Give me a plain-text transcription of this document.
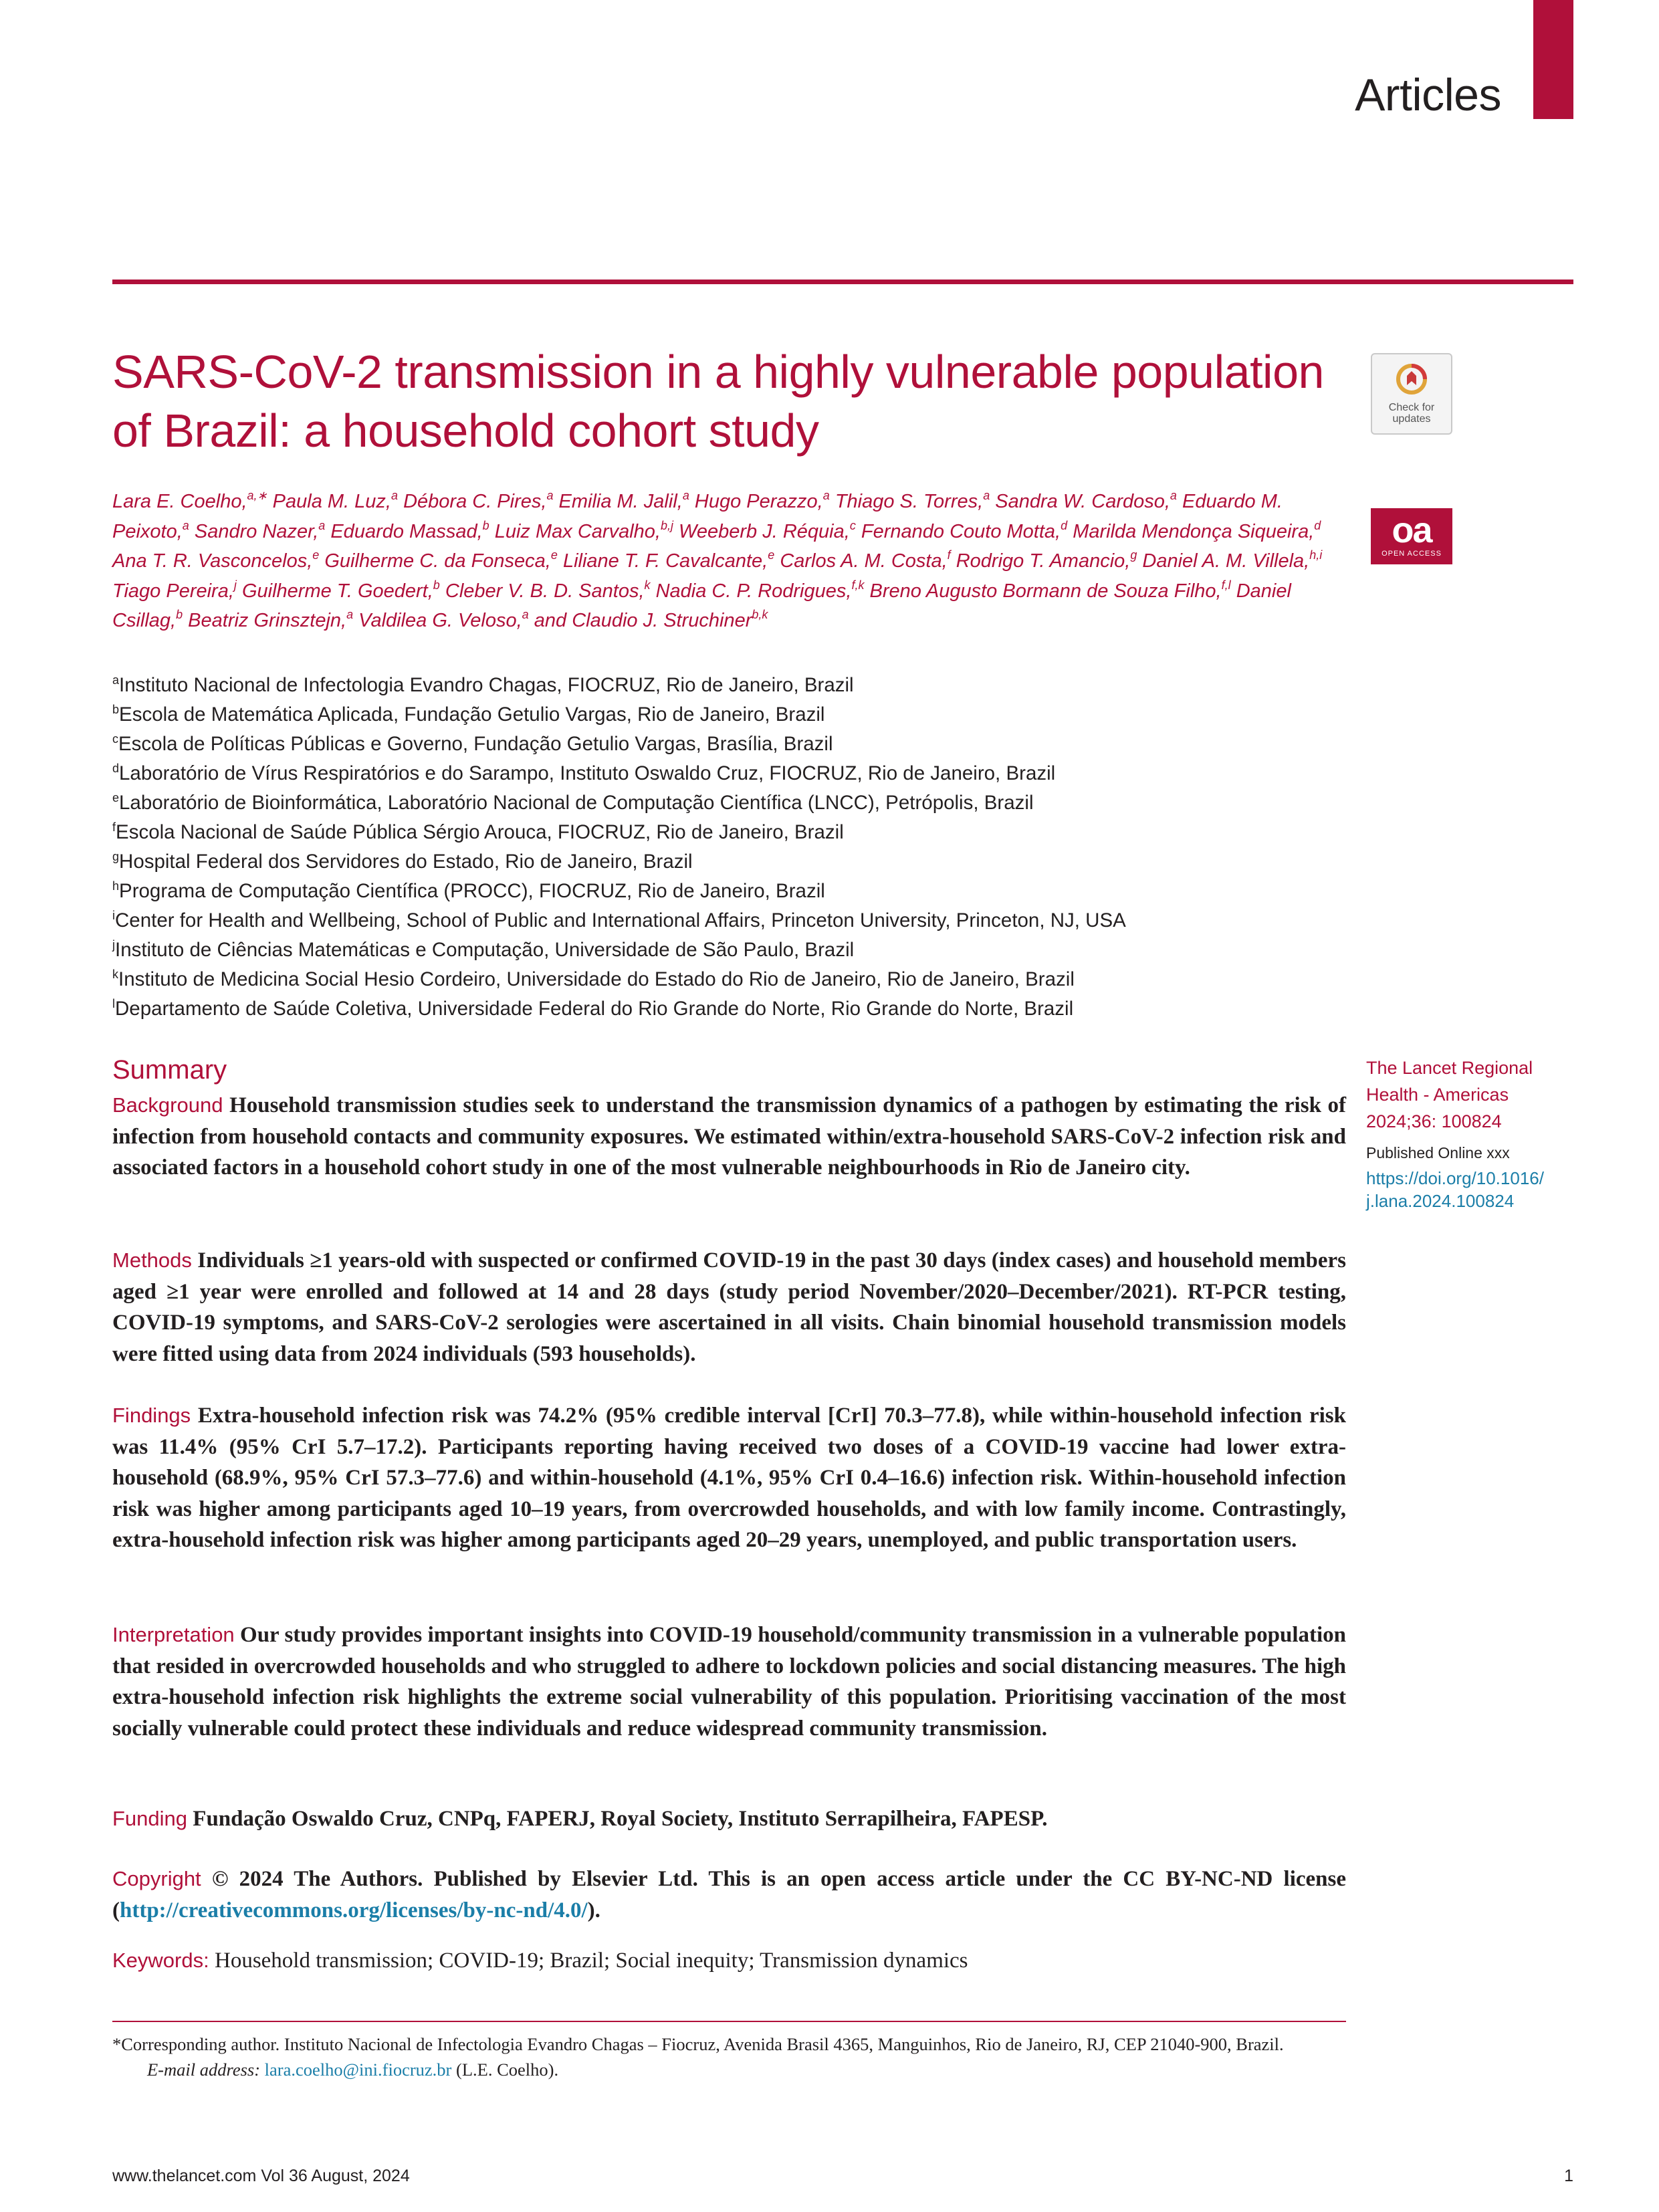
Articles
SARS-CoV-2 transmission in a highly vulnerable population of Brazil: a household cohort study	Check for updates
oa
OPEN ACCESS
Lara E. Coelho,$^{a,∗}$ Paula M. Luz,$^a$ Débora C. Pires,$^a$ Emilia M. Jalil,$^a$ Hugo Perazzo,$^a$ Thiago S. Torres,$^a$ Sandra W. Cardoso,$^a$ Eduardo M. Peixoto,$^a$ Sandro Nazer,$^a$ Eduardo Massad,$^b$ Luiz Max Carvalho,$^{b,j}$ Weeberb J. Réquia,$^c$ Fernando Couto Motta,$^d$ Marilda Mendonça Siqueira,$^d$ Ana T. R. Vasconcelos,$^e$ Guilherme C. da Fonseca,$^e$ Liliane T. F. Cavalcante,$^e$ Carlos A. M. Costa,$^f$ Rodrigo T. Amancio,$^g$ Daniel A. M. Villela,$^{h,i}$ Tiago Pereira,$^j$ Guilherme T. Goedert,$^b$ Cleber V. B. D. Santos,$^k$ Nadia C. P. Rodrigues,$^{f,k}$ Breno Augusto Bormann de Souza Filho,$^{f,l}$ Daniel Csillag,$^b$ Beatriz Grinsztejn,$^a$ Valdilea G. Veloso,$^a$ and Claudio J. Struchiner$^{b,k}$
$^a$Instituto Nacional de Infectologia Evandro Chagas, FIOCRUZ, Rio de Janeiro, Brazil
$^b$Escola de Matemática Aplicada, Fundação Getulio Vargas, Rio de Janeiro, Brazil
$^c$Escola de Políticas Públicas e Governo, Fundação Getulio Vargas, Brasília, Brazil
$^d$Laboratório de Vírus Respiratórios e do Sarampo, Instituto Oswaldo Cruz, FIOCRUZ, Rio de Janeiro, Brazil
$^e$Laboratório de Bioinformática, Laboratório Nacional de Computação Científica (LNCC), Petrópolis, Brazil
$^f$Escola Nacional de Saúde Pública Sérgio Arouca, FIOCRUZ, Rio de Janeiro, Brazil
$^g$Hospital Federal dos Servidores do Estado, Rio de Janeiro, Brazil
$^h$Programa de Computação Científica (PROCC), FIOCRUZ, Rio de Janeiro, Brazil
$^i$Center for Health and Wellbeing, School of Public and International Affairs, Princeton University, Princeton, NJ, USA
$^j$Instituto de Ciências Matemáticas e Computação, Universidade de São Paulo, Brazil
$^k$Instituto de Medicina Social Hesio Cordeiro, Universidade do Estado do Rio de Janeiro, Rio de Janeiro, Brazil
$^l$Departamento de Saúde Coletiva, Universidade Federal do Rio Grande do Norte, Rio Grande do Norte, Brazil
Summary

Background Household transmission studies seek to understand the transmission dynamics of a pathogen by estimating the risk of infection from household contacts and community exposures. We estimated within/extra-household SARS-CoV-2 infection risk and associated factors in a household cohort study in one of the most vulnerable neighbourhoods in Rio de Janeiro city.

Methods Individuals ≥1 years-old with suspected or confirmed COVID-19 in the past 30 days (index cases) and household members aged ≥1 year were enrolled and followed at 14 and 28 days (study period November/2020–December/2021). RT-PCR testing, COVID-19 symptoms, and SARS-CoV-2 serologies were ascertained in all visits. Chain binomial household transmission models were fitted using data from 2024 individuals (593 households).

Findings Extra-household infection risk was 74.2% (95% credible interval [CrI] 70.3–77.8), while within-household infection risk was 11.4% (95% CrI 5.7–17.2). Participants reporting having received two doses of a COVID-19 vaccine had lower extra-household (68.9%, 95% CrI 57.3–77.6) and within-household (4.1%, 95% CrI 0.4–16.6) infection risk. Within-household infection risk was higher among participants aged 10–19 years, from overcrowded households, and with low family income. Contrastingly, extra-household infection risk was higher among participants aged 20–29 years, unemployed, and public transportation users.

Interpretation Our study provides important insights into COVID-19 household/community transmission in a vulnerable population that resided in overcrowded households and who struggled to adhere to lockdown policies and social distancing measures. The high extra-household infection risk highlights the extreme social vulnerability of this population. Prioritising vaccination of the most socially vulnerable could protect these individuals and reduce widespread community transmission.

Funding Fundação Oswaldo Cruz, CNPq, FAPERJ, Royal Society, Instituto Serrapilheira, FAPESP.

Copyright © 2024 The Authors. Published by Elsevier Ltd. This is an open access article under the CC BY-NC-ND license (http://creativecommons.org/licenses/by-nc-nd/4.0/).

Keywords: Household transmission; COVID-19; Brazil; Social inequity; Transmission dynamics

The Lancet Regional Health - Americas 2024;36: 100824
Published Online xxx
https://doi.org/10.1016/j.lana.2024.100824
*Corresponding author. Instituto Nacional de Infectologia Evandro Chagas – Fiocruz, Avenida Brasil 4365, Manguinhos, Rio de Janeiro, RJ, CEP 21040-900, Brazil.
E-mail address: lara.coelho@ini.fiocruz.br (L.E. Coelho).
www.thelancet.com Vol 36 August, 2024	1
